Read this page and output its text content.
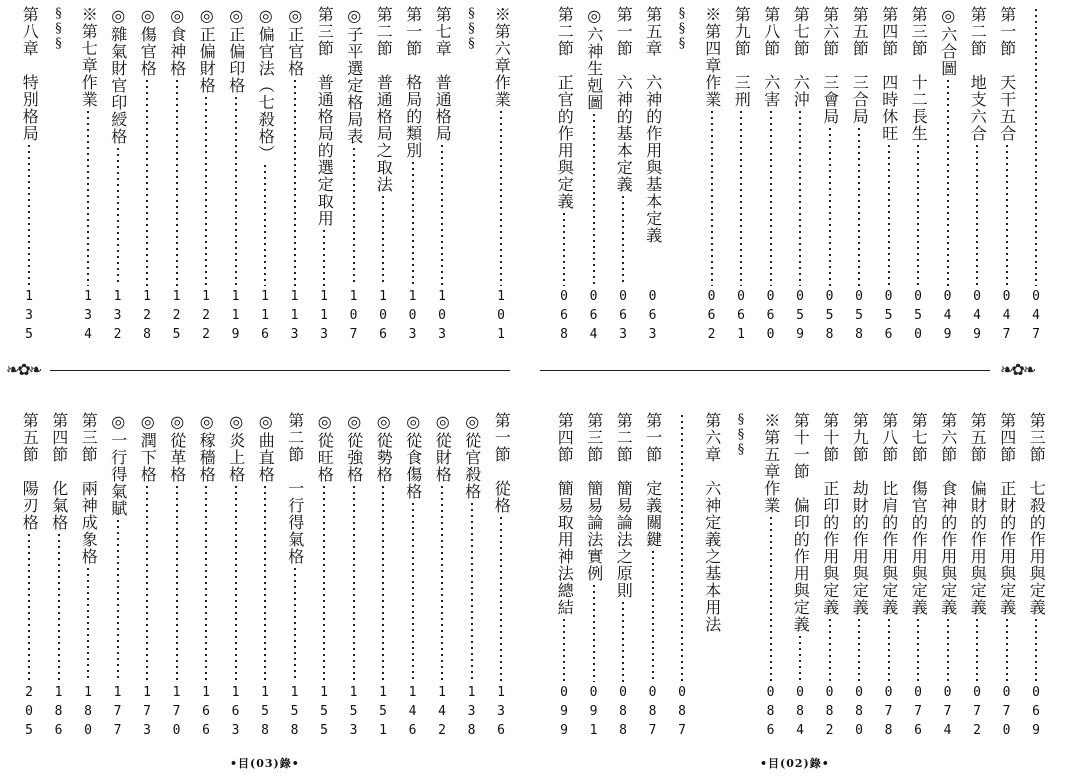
第八章　特別格局
135
§§§ ※第七章作業
134
◎雜氣財官印綬格
132
◎傷官格
128
◎食神格
125
◎正偏財格
122
◎正偏印格
119
◎偏官法（七殺格）
116
◎正官格
113
第三節　普通格局的選定取用
113
◎子平選定格局表
107
第二節　普通格局之取法
106
第一節　格局的類別
103
第七章　普通格局
103
§§§ ※第六章作業
101
第五節　陽刃格
205
第四節　化氣格
186
第三節　兩神成象格
180
◎一行得氣賦
177
◎潤下格
173
◎從革格
170
◎稼穡格
166
◎炎上格
163
◎曲直格
158
第二節　一行得氣格
158
◎從旺格
155
◎從強格
153
◎從勢格
151
◎從食傷格
146
◎從財格
142
◎從官殺格
138
第一節　從格
136
•目(03)錄•
第二節　正官的作用與定義
068
◎六神生剋圖
064
第一節　六神的基本定義
063
第五章　六神的作用與基本定義
063
§§§ ※第四章作業
062
第九節　三刑
061
第八節　六害
060
第七節　六沖
059
第六節　三會局
058
第五節　三合局
058
第四節　四時休旺
056
第三節　十二長生
050
◎六合圖
049
第二節　地支六合
049
第一節　天干五合
047 047
第四節　簡易取用神法總結
099
第三節　簡易論法實例
091
第二節　簡易論法之原則
088
第一節　定義關鍵
087 087
第六章　六神定義之基本用法 §§§ ※第五章作業
086
第十一節　偏印的作用與定義
084
第十節　正印的作用與定義
082
第九節　劫財的作用與定義
080
第八節　比肩的作用與定義
078
第七節　傷官的作用與定義
076
第六節　食神的作用與定義
074
第五節　偏財的作用與定義
072
第四節　正財的作用與定義
070
第三節　七殺的作用與定義
069
•目(02)錄•
❧✿❧	❧✿❧
